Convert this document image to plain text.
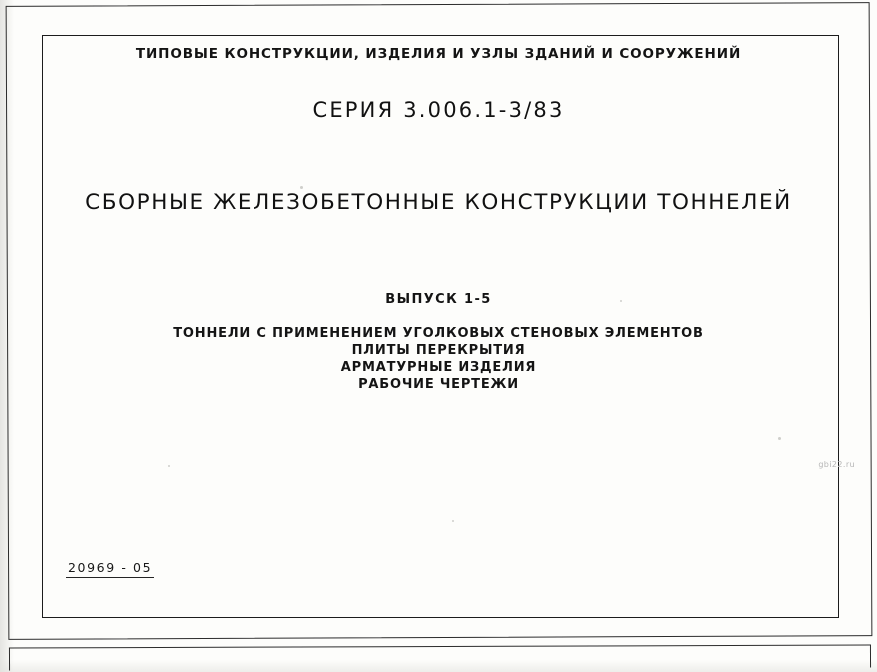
ТИПОВЫЕ КОНСТРУКЦИИ, ИЗДЕЛИЯ И УЗЛЫ ЗДАНИЙ И СООРУЖЕНИЙ
СЕРИЯ 3.006.1-3/83
СБОРНЫЕ ЖЕЛЕЗОБЕТОННЫЕ КОНСТРУКЦИИ ТОННЕЛЕЙ
ВЫПУСК 1-5
ТОННЕЛИ С ПРИМЕНЕНИЕМ УГОЛКОВЫХ СТЕНОВЫХ ЭЛЕМЕНТОВ
ПЛИТЫ ПЕРЕКРЫТИЯ
АРМАТУРНЫЕ ИЗДЕЛИЯ
РАБОЧИЕ ЧЕРТЕЖИ
20969 - 05
gbi22.ru
